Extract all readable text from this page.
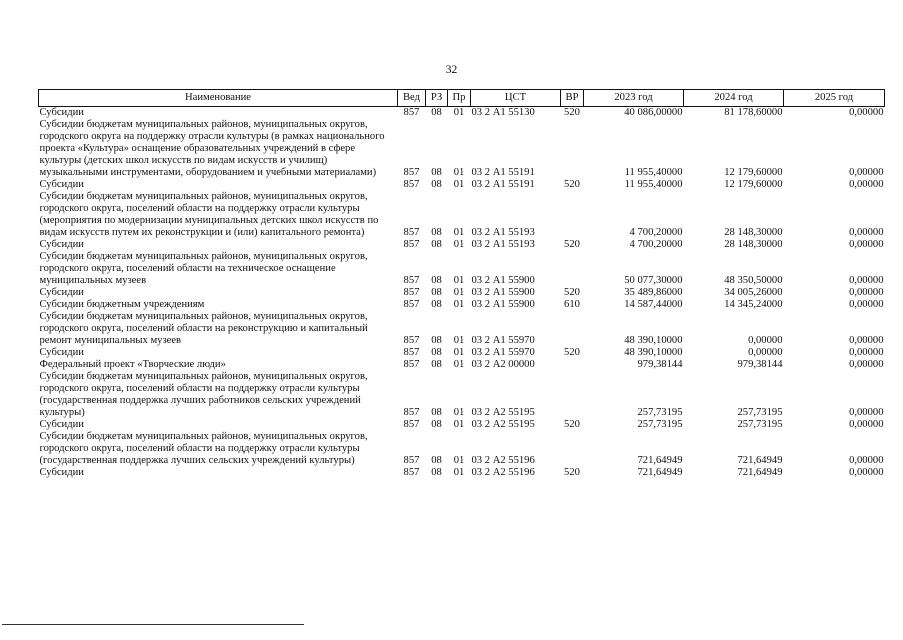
32
Наименование	Вед	РЗ	Пр	ЦСТ	ВР	2023 год	2024 год	2025 год
Субсидии	857	08	01	03 2 А1 55130	520	40 086,00000	81 178,60000	0,00000
Субсидии бюджетам муниципальных районов, муниципальных округов, городского округа на поддержку отрасли культуры (в рамках национального проекта «Культура» оснащение образовательных учреждений в сфере культуры (детских школ искусств по видам искусств и училищ) музыкальными инструментами, оборудованием и учебными материалами)	857	08	01	03 2 А1 55191		11 955,40000	12 179,60000	0,00000
Субсидии	857	08	01	03 2 А1 55191	520	11 955,40000	12 179,60000	0,00000
Субсидии бюджетам муниципальных районов, муниципальных округов, городского округа, поселений области на поддержку отрасли культуры (мероприятия по модернизации муниципальных детских школ искусств по видам искусств путем их реконструкции и (или) капитального ремонта)	857	08	01	03 2 А1 55193		4 700,20000	28 148,30000	0,00000
Субсидии	857	08	01	03 2 А1 55193	520	4 700,20000	28 148,30000	0,00000
Субсидии бюджетам муниципальных районов, муниципальных округов, городского округа, поселений области на техническое оснащение муниципальных музеев	857	08	01	03 2 А1 55900		50 077,30000	48 350,50000	0,00000
Субсидии	857	08	01	03 2 А1 55900	520	35 489,86000	34 005,26000	0,00000
Субсидии бюджетным учреждениям	857	08	01	03 2 А1 55900	610	14 587,44000	14 345,24000	0,00000
Субсидии бюджетам муниципальных районов, муниципальных округов, городского округа, поселений области на реконструкцию и капитальный ремонт муниципальных музеев	857	08	01	03 2 А1 55970		48 390,10000	0,00000	0,00000
Субсидии	857	08	01	03 2 А1 55970	520	48 390,10000	0,00000	0,00000
Федеральный проект «Творческие люди»	857	08	01	03 2 А2 00000		979,38144	979,38144	0,00000
Субсидии бюджетам муниципальных районов, муниципальных округов, городского округа, поселений области на поддержку отрасли культуры (государственная поддержка лучших работников сельских учреждений культуры)	857	08	01	03 2 А2 55195		257,73195	257,73195	0,00000
Субсидии	857	08	01	03 2 А2 55195	520	257,73195	257,73195	0,00000
Субсидии бюджетам муниципальных районов, муниципальных округов, городского округа, поселений области на поддержку отрасли культуры (государственная поддержка лучших сельских учреждений культуры)	857	08	01	03 2 А2 55196		721,64949	721,64949	0,00000
Субсидии	857	08	01	03 2 А2 55196	520	721,64949	721,64949	0,00000
